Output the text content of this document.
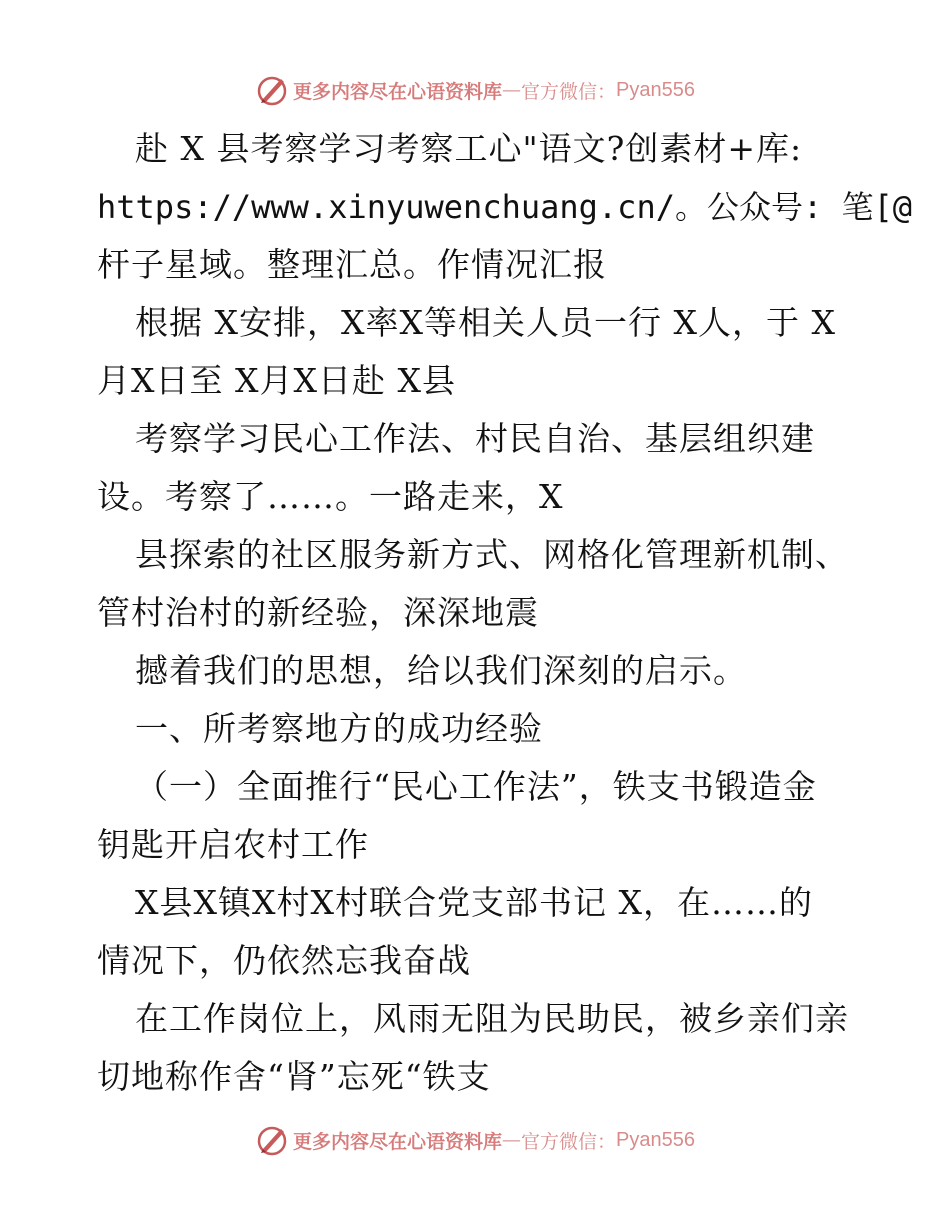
更多内容尽在心语资料库 — 官方微信： Pyan556
赴 X 县考察学习考察工心"语文?创素材+库:
https://www.xinyuwenchuang.cn/。公众号: 笔[@
杆子星域。整理汇总。作情况汇报
根据 X安排，X率X等相关人员一行 X人，于 X
月X日至 X月X日赴 X县
考察学习民心工作法、村民自治、基层组织建
设。考察了……。一路走来，X
县探索的社区服务新方式、网格化管理新机制、
管村治村的新经验，深深地震
撼着我们的思想，给以我们深刻的启示。
一、所考察地方的成功经验
（一）全面推行“民心工作法”，铁支书锻造金
钥匙开启农村工作
X县X镇X村X村联合党支部书记 X，在……的
情况下，仍依然忘我奋战
在工作岗位上，风雨无阻为民助民，被乡亲们亲
切地称作舍“肾”忘死“铁支
更多内容尽在心语资料库 — 官方微信： Pyan556
